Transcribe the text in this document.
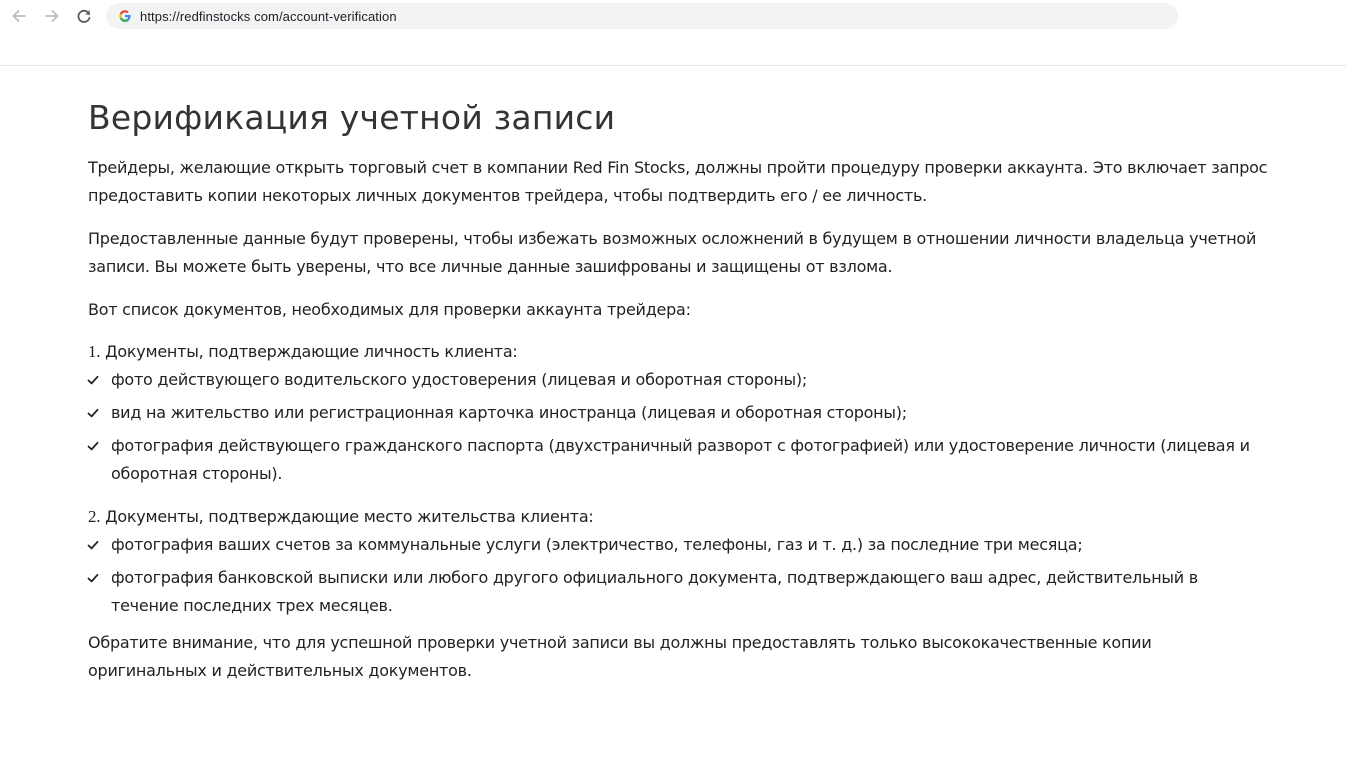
https://redfinstocks com/account-verification
Верификация учетной записи

Трейдеры, желающие открыть торговый счет в компании Red Fin Stocks, должны пройти процедуру проверки аккаунта. Это включает запрос предоставить копии некоторых личных документов трейдера, чтобы подтвердить его / ее личность.

Предоставленные данные будут проверены, чтобы избежать возможных осложнений в будущем в отношении личности владельца учетной записи. Вы можете быть уверены, что все личные данные зашифрованы и защищены от взлома.

Вот список документов, необходимых для проверки аккаунта трейдера:

1. Документы, подтверждающие личность клиента:
фото действующего водительского удостоверения (лицевая и оборотная стороны);
вид на жительство или регистрационная карточка иностранца (лицевая и оборотная стороны);
фотография действующего гражданского паспорта (двухстраничный разворот с фотографией) или удостоверение личности (лицевая и оборотная стороны).
2. Документы, подтверждающие место жительства клиента:
фотография ваших счетов за коммунальные услуги (электричество, телефоны, газ и т. д.) за последние три месяца;
фотография банковской выписки или любого другого официального документа, подтверждающего ваш адрес, действительный в течение последних трех месяцев.

Обратите внимание, что для успешной проверки учетной записи вы должны предоставлять только высококачественные копии оригинальных и действительных документов.
